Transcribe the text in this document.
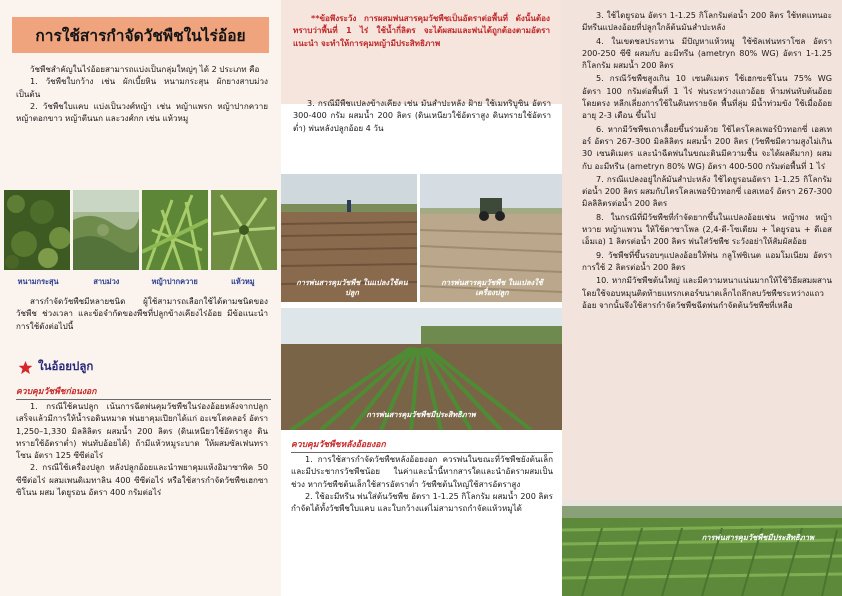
การใช้สารกำจัดวัชพืชในไร่อ้อย

วัชพืชสำคัญในไร่อ้อยสามารถแบ่งเป็นกลุ่มใหญ่ๆ ได้ 2 ประเภท คือ

1. วัชพืชใบกว้าง เช่น ผักเบี้ยหิน หนามกระสุน ผักยางสาบม่วง เป็นต้น

2. วัชพืชใบแคบ แบ่งเป็นวงศ์หญ้า เช่น หญ้าแพรก หญ้าปากควาย หญ้าตอกขาว หญ้าตีนนก และวงศ์กก เช่น แห้วหมู

หนามกระสุน	สาบม่วง	หญ้าปากควาย	แห้วหมู

สารกำจัดวัชพืชมีหลายชนิด ผู้ใช้สามารถเลือกใช้ได้ตามชนิดของวัชพืช ช่วงเวลา และข้อจำกัดของพืชที่ปลูกข้างเคียงไร่อ้อย มีข้อแนะนำการใช้ดังต่อไปนี้

ในอ้อยปลูก
ควบคุมวัชพืชก่อนงอก

1. กรณีใช้คนปลูก เน้นการฉีดพ่นคุมวัชพืชในร่องอ้อยหลังจากปลูกเสร็จแล้วมีการให้น้ำรอดินหมาด พ่นยาคุมเปียกได้แก่ อะเซโตคลอร์ อัตรา 1,250–1,330 มิลลิลิตร ผสมน้ำ 200 ลิตร (ดินเหนียวใช้อัตราสูง ดินทรายใช้อัตราต่ำ) พ่นทับอ้อยได้) ถ้ามีแห้วหมูระบาด ให้ผสมซัลเฟนทราโซน อัตรา 125 ซีซีต่อไร่

2. กรณีใช้เครื่องปลูก หลังปลูกอ้อยและนำพยาคุมแห้งอิมาซาพิค 50 ซีซีต่อไร่ ผสมเพนดิเมทาลิน 400 ซีซีต่อไร่ หรือใช้สารกำจัดวัชพืชเฮกซาซิโนน ผสม ไดยูรอน อัตรา 400 กรัมต่อไร่

**ข้อพึงระวัง การผสมพ่นสารคุมวัชพืชเป็นอัตราต่อพื้นที่ ดังนั้นต้องทราบว่าพื้นที่ 1 ไร่ ใช้น้ำกี่ลิตร จะได้ผสมและพ่นได้ถูกต้องตามอัตราแนะนำ จะทำให้การคุมหญ้ามีประสิทธิภาพ

3. กรณีมีพืชแปลงข้างเคียง เช่น มันสำปะหลัง ฝ้าย ใช้เมทริบูซิน อัตรา 300-400 กรัม ผสมน้ำ 200 ลิตร (ดินเหนียวใช้อัตราสูง ดินทรายใช้อัตราต่ำ) พ่นหลังปลูกอ้อย 4 วัน

การพ่นสารคุมวัชพืช ในแปลงใช้คนปลูก
การพ่นสารคุมวัชพืช ในแปลงใช้เครื่องปลูก
การพ่นสารคุมวัชพืชมีประสิทธิภาพ
ควบคุมวัชพืชหลังอ้อยงอก

1. การใช้สารกำจัดวัชพืชหลังอ้อยงอก ควรพ่นในขณะที่วัชพืชยังต้นเล็กและมีประชากรวัชพืชน้อย ในค่าและน้ำนี้หากสารใดและนำอัตราผสมเป็นช่วง หากวัชพืชต้นเล็กใช้สารอัตราต่ำ วัชพืชต้นใหญ่ใช้สารอัตราสูง

2. ใช้อะมีทรีน พ่นใส่ต้นวัชพืช อัตรา 1-1.25 กิโลกรัม ผสมน้ำ 200 ลิตร กำจัดได้ทั้งวัชพืชใบแคบ และใบกว้างแต่ไม่สามารถกำจัดแห้วหมูได้

3. ใช้ไดยูรอน อัตรา 1-1.25 กิโลกรัมต่อน้ำ 200 ลิตร ใช้ทดแทนอะมีทรีนแปลงอ้อยที่ปลูกใกล้ต้นมันสำปะหลัง

4. ในเขตชลประทาน มีปัญหาแห้วหมู ใช้ซัลเฟนทราโซล อัตรา 200-250 ซีซี ผสมกับ อะมีทรีน (ametryn 80% WG) อัตรา 1-1.25 กิโลกรัม ผสมน้ำ 200 ลิตร

5. กรณีวัชพืชสูงเกิน 10 เซนติเมตร ใช้เฮกซะซิโนน 75% WG อัตรา 100 กรัมต่อพื้นที่ 1 ไร่ พ่นระหว่างแถวอ้อย ห้ามพ่นทับต้นอ้อยโดยตรง หลีกเลี่ยงการใช้ในดินทรายจัด พื้นที่ลุ่ม มีน้ำท่วมขัง ใช้เมื่ออ้อยอายุ 2-3 เดือน ขึ้นไป

6. หากมีวัชพืชเถาเลื้อยขึ้นร่วมด้วย ใช้ไตรโคลเพอร์บิวทอกซี่ เอสเทอร์ อัตรา 267-300 มิลลิลิตร ผสมน้ำ 200 ลิตร (วัชพืชมีความสูงไม่เกิน 30 เซนติเมตร และนำฉีดพ่นในขณะดินมีความชื้น จะได้ผลดีมาก) ผสมกับ อะมีทรีน (ametryn 80% WG) อัตรา 400-500 กรัมต่อพื้นที่ 1 ไร่

7. กรณีแปลงอยู่ใกล้มันสำปะหลัง ใช้ไดยูรอนอัตรา 1-1.25 กิโลกรัมต่อน้ำ 200 ลิตร ผสมกับไตรโคลเพอร์บิวทอกซี่ เอสเทอร์ อัตรา 267-300 มิลลิลิตรต่อน้ำ 200 ลิตร

8. ในกรณีที่มีวัชพืชที่กำจัดยากขึ้นในแปลงอ้อยเช่น หญ้าพง หญ้าหวาย หญ้าแพวน ให้ใช้ดาซาโพล (2,4-ดี-โซเดียม + ไดยูรอน + ดีเอสเอ็มเอ) 1 ลิตรต่อน้ำ 200 ลิตร พ่นใส่วัชพืช ระวังอย่าให้สัมผัสอ้อย

9. วัชพืชที่ขึ้นรอบๆแปลงอ้อยให้พ่น กลูโฟซิเนต แอมโมเนียม อัตราการใช้ 2 ลิตรต่อน้ำ 200 ลิตร

10. หากมีวัชพืชต้นใหญ่ และมีความหนาแน่นมากให้ใช้วิธีผสมผสาน โดยใช้จอบหมุนติดท้ายแทรกเตอร์ขนาดเล็กไถลึกลบวัชพืชระหว่างแถวอ้อย จากนั้นจึงใช้สารกำจัดวัชพืชฉีดพ่นกำจัดต้นวัชพืชที่เหลือ

การพ่นสารคุมวัชพืชมีประสิทธิภาพ
